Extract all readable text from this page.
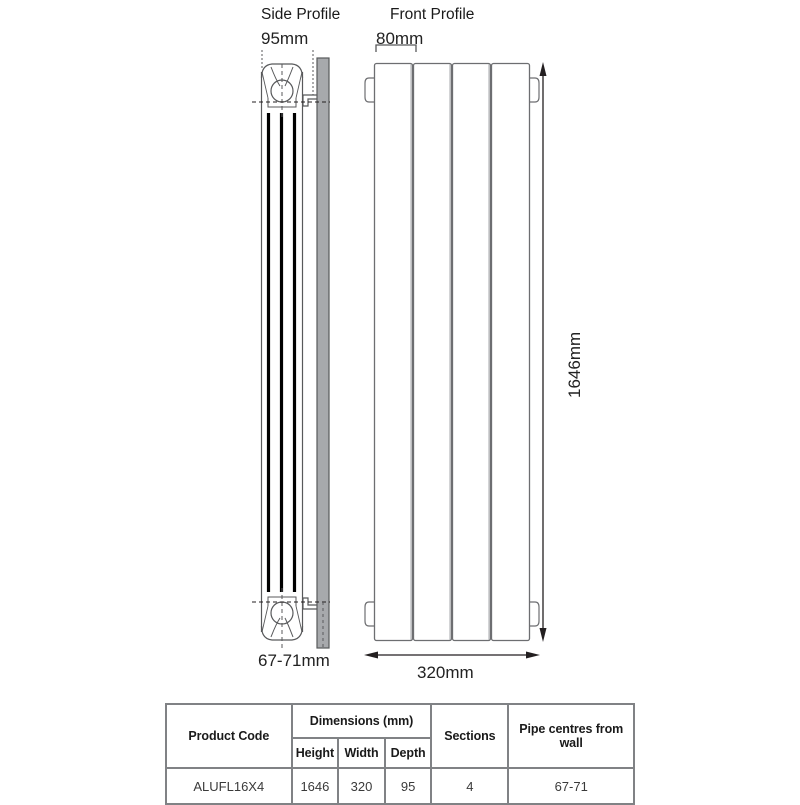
Side Profile	Front Profile
95mm	80mm
1646mm
320mm
67-71mm
Product Code	Dimensions (mm)			Sections	Pipe centres from wall
	Height	Width	Depth		
ALUFL16X4	1646	320	95	4	67-71
